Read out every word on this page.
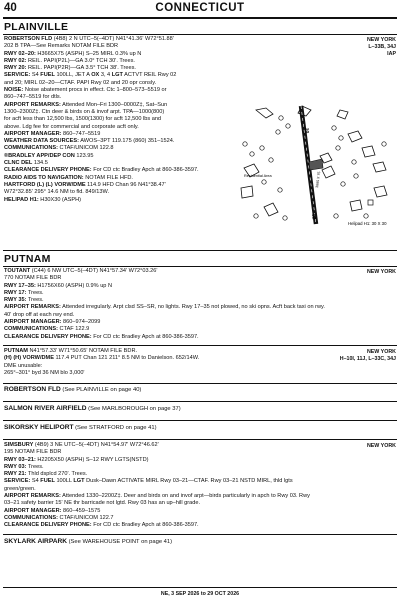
40	CONNECTICUT
PLAINVILLE
ROBERTSON FLD (4B8) 2 N UTC–5(–4DT) N41°41.36' W72°51.88'
202 B TPA—See Remarks NOTAM FILE BDR
RWY 02–20: H3665X75 (ASPH) S–25 MIRL 0.3% up N
RWY 02: REIL. PAPI(P2L)—GA 3.0° TCH 30'. Trees.
RWY 20: REIL. PAPI(P2R)—GA 3.5° TCH 38'. Trees.
SERVICE: S4 FUEL 100LL, JET A OX 3, 4 LGT ACTVT REIL Rwy 02
and 20; MIRL 02–20—CTAF. PAPI Rwy 02 and 20 opr consly.
NOISE: Noise abatement procs in effect. Ctc 1–800–573–5519 or
860–747–5519 for dtls.
AIRPORT REMARKS: Attended Mon–Fri 1300–0000Z‡, Sat–Sun
1300–2300Z‡. Ctn deer & birds on & invof arpt. TPA—1000(800)
for acft less than 12,500 lbs, 1500(1300) for acft 12,500 lbs and
above. Ldg fee for commercial and corporate acft only.
AIRPORT MANAGER: 860–747–5519
WEATHER DATA SOURCES: AWOS–3PT 119.175 (860) 351–1524.
COMMUNICATIONS: CTAF/UNICOM 122.8
®BRADLEY APP/DEP CON 123.95
CLNC DEL 134.5
CLEARANCE DELIVERY PHONE: For CD ctc Bradley Apch at 860-386-3597.
RADIO AIDS TO NAVIGATION: NOTAM FILE HFD.
HARTFORD (L) (L) VORW/DME 114.9 HFD Chan 96 N41°38.47'
W72°32.85' 295° 14.6 NM to fld. 849/13W.
HELIPAD H1: H30X30 (ASPH)
NEW YORK
L–33B, 34J
IAP
20
02
3665 X 75
Residential Area
Helipad H1: 30 X 30
PUTNAM
TOUTANT (C44) 6 NW UTC–5(–4DT) N41°57.34' W72°03.26'
770 NOTAM FILE BDR
RWY 17–35: H1756X60 (ASPH) 0.9% up N
RWY 17: Trees.
RWY 35: Trees.
AIRPORT REMARKS: Attended irregularly. Arpt clsd SS–SR, no lights. Rwy 17–35 not plowed, no ski opns. Acft back taxi on rwy.
40' drop off at each rwy end.
AIRPORT MANAGER: 860–974–2099
COMMUNICATIONS: CTAF 122.9
CLEARANCE DELIVERY PHONE: For CD ctc Bradley Apch at 860-386-3597.
NEW YORK
PUTNAM N41°57.33' W71°50.65' NOTAM FILE BDR.
(H) (H) VORW/DME 117.4 PUT Chan 121 211° 8.5 NM to Danielson. 652/14W.
DME unusable:
265°–301° byd 36 NM blo 3,000'
NEW YORK
H–10I, 11J, L–33C, 34J
ROBERTSON FLD (See PLAINVILLE on page 40)
SALMON RIVER AIRFIELD (See MARLBOROUGH on page 37)
SIKORSKY HELIPORT (See STRATFORD on page 41)
SIMSBURY (4B9) 3 NE UTC–5(–4DT) N41°54.97' W72°46.62'
195 NOTAM FILE BDR
RWY 03–21: H2205X50 (ASPH) S–12 RWY LGTS(NSTD)
RWY 03: Trees.
RWY 21: Thld dsplcd 270'. Trees.
SERVICE: S4 FUEL 100LL LGT Dusk–Dawn ACTIVATE MIRL Rwy 03–21—CTAF. Rwy 03–21 NSTD MIRL, thld lgts
green/green.
AIRPORT REMARKS: Attended 1330–2200Z‡. Deer and birds on and invof arpt—birds particularly in apch to Rwy 03. Rwy
03–21 safety barrier 15' NE thr barricade not lgtd. Rwy 03 has an up–hill grade.
AIRPORT MANAGER: 860–459–1575
COMMUNICATIONS: CTAF/UNICOM 122.7
CLEARANCE DELIVERY PHONE: For CD ctc Bradley Apch at 860-386-3597.
NEW YORK
SKYLARK AIRPARK (See WAREHOUSE POINT on page 41)
NE, 3 SEP 2026 to 29 OCT 2026
